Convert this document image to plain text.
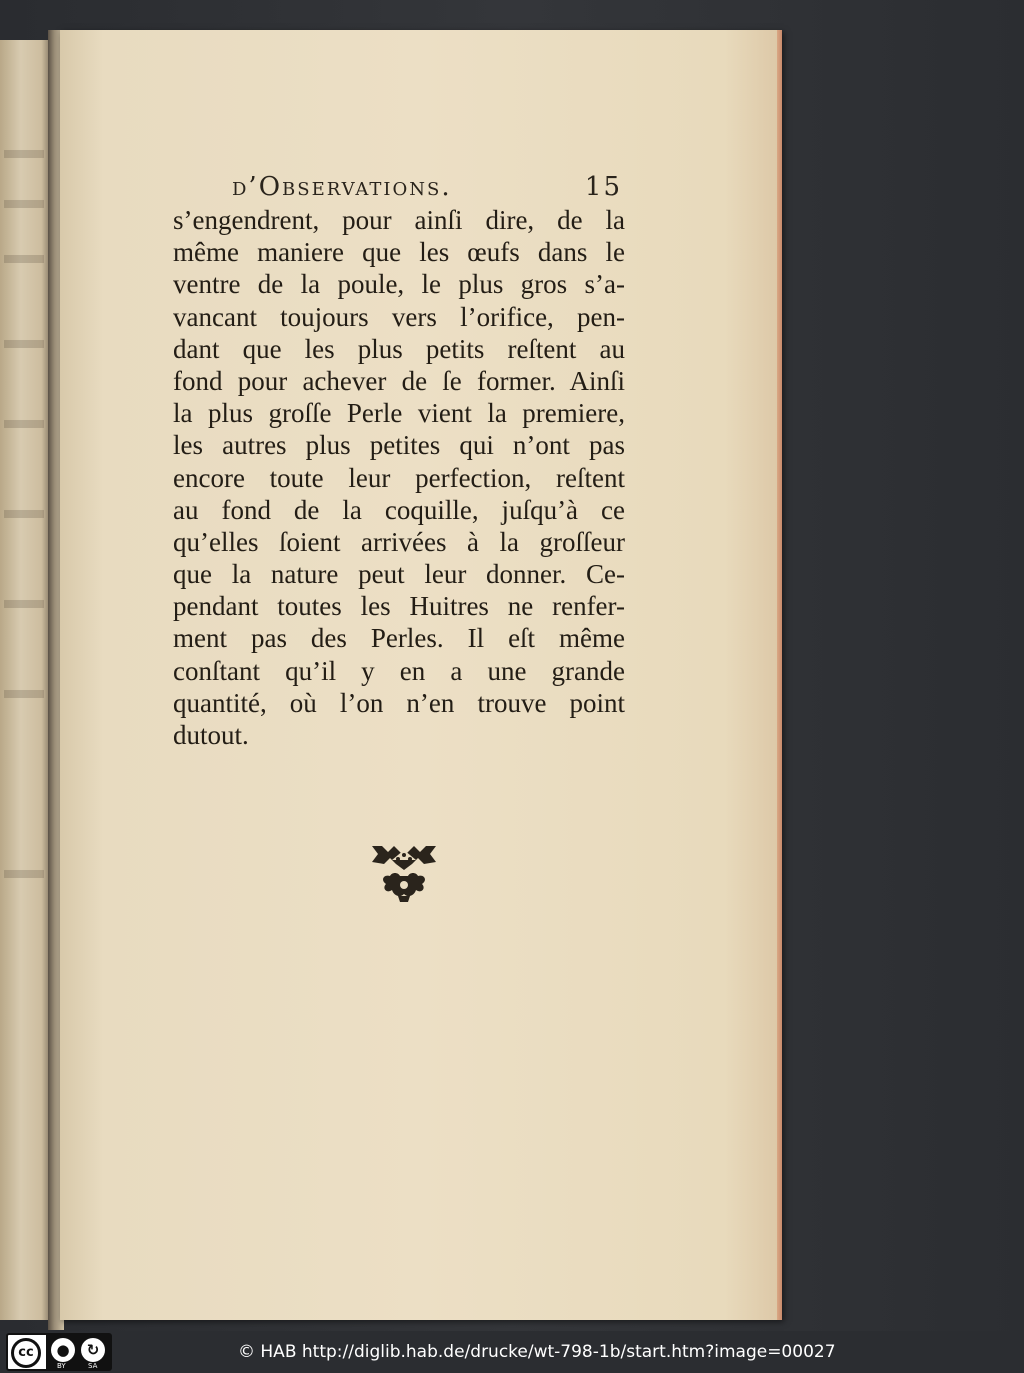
d’Observations.	15
s’engendrent, pour ainſi dire, de la
même maniere que les œufs dans le
ventre de la poule, le plus gros s’a-
vancant toujours vers l’orifice, pen-
dant que les plus petits reſtent au
fond pour achever de ſe former. Ainſi
la plus groſſe Perle vient la premiere,
les autres plus petites qui n’ont pas
encore toute leur perfection, reſtent
au fond de la coquille, juſqu’à ce
qu’elles ſoient arrivées à la groſſeur
que la nature peut leur donner. Ce-
pendant toutes les Huitres ne renfer-
ment pas des Perles. Il eſt même
conſtant qu’il y en a une grande
quantité, où l’on n’en trouve point
dutout.
cc	●	↻
BY	SA
© HAB http://diglib.hab.de/drucke/wt-798-1b/start.htm?image=00027
